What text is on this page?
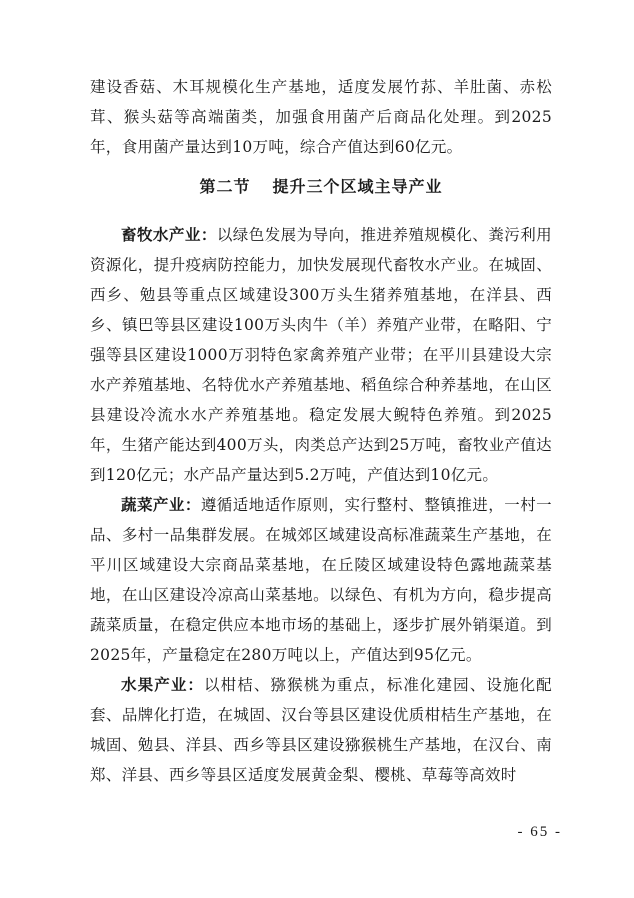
建设香菇、木耳规模化生产基地，适度发展竹荪、羊肚菌、赤松茸、猴头菇等高端菌类，加强食用菌产后商品化处理。到2025年，食用菌产量达到10万吨，综合产值达到60亿元。

第二节 提升三个区域主导产业

畜牧水产业：以绿色发展为导向，推进养殖规模化、粪污利用资源化，提升疫病防控能力，加快发展现代畜牧水产业。在城固、西乡、勉县等重点区域建设300万头生猪养殖基地，在洋县、西乡、镇巴等县区建设100万头肉牛（羊）养殖产业带，在略阳、宁强等县区建设1000万羽特色家禽养殖产业带；在平川县建设大宗水产养殖基地、名特优水产养殖基地、稻鱼综合种养基地，在山区县建设冷流水水产养殖基地。稳定发展大鲵特色养殖。到2025年，生猪产能达到400万头，肉类总产达到25万吨，畜牧业产值达到120亿元；水产品产量达到5.2万吨，产值达到10亿元。

蔬菜产业：遵循适地适作原则，实行整村、整镇推进，一村一品、多村一品集群发展。在城郊区域建设高标准蔬菜生产基地，在平川区域建设大宗商品菜基地，在丘陵区域建设特色露地蔬菜基地，在山区建设冷凉高山菜基地。以绿色、有机为方向，稳步提高蔬菜质量，在稳定供应本地市场的基础上，逐步扩展外销渠道。到2025年，产量稳定在280万吨以上，产值达到95亿元。

水果产业：以柑桔、猕猴桃为重点，标准化建园、设施化配套、品牌化打造，在城固、汉台等县区建设优质柑桔生产基地，在城固、勉县、洋县、西乡等县区建设猕猴桃生产基地，在汉台、南郑、洋县、西乡等县区适度发展黄金梨、樱桃、草莓等高效时

- 65 -
